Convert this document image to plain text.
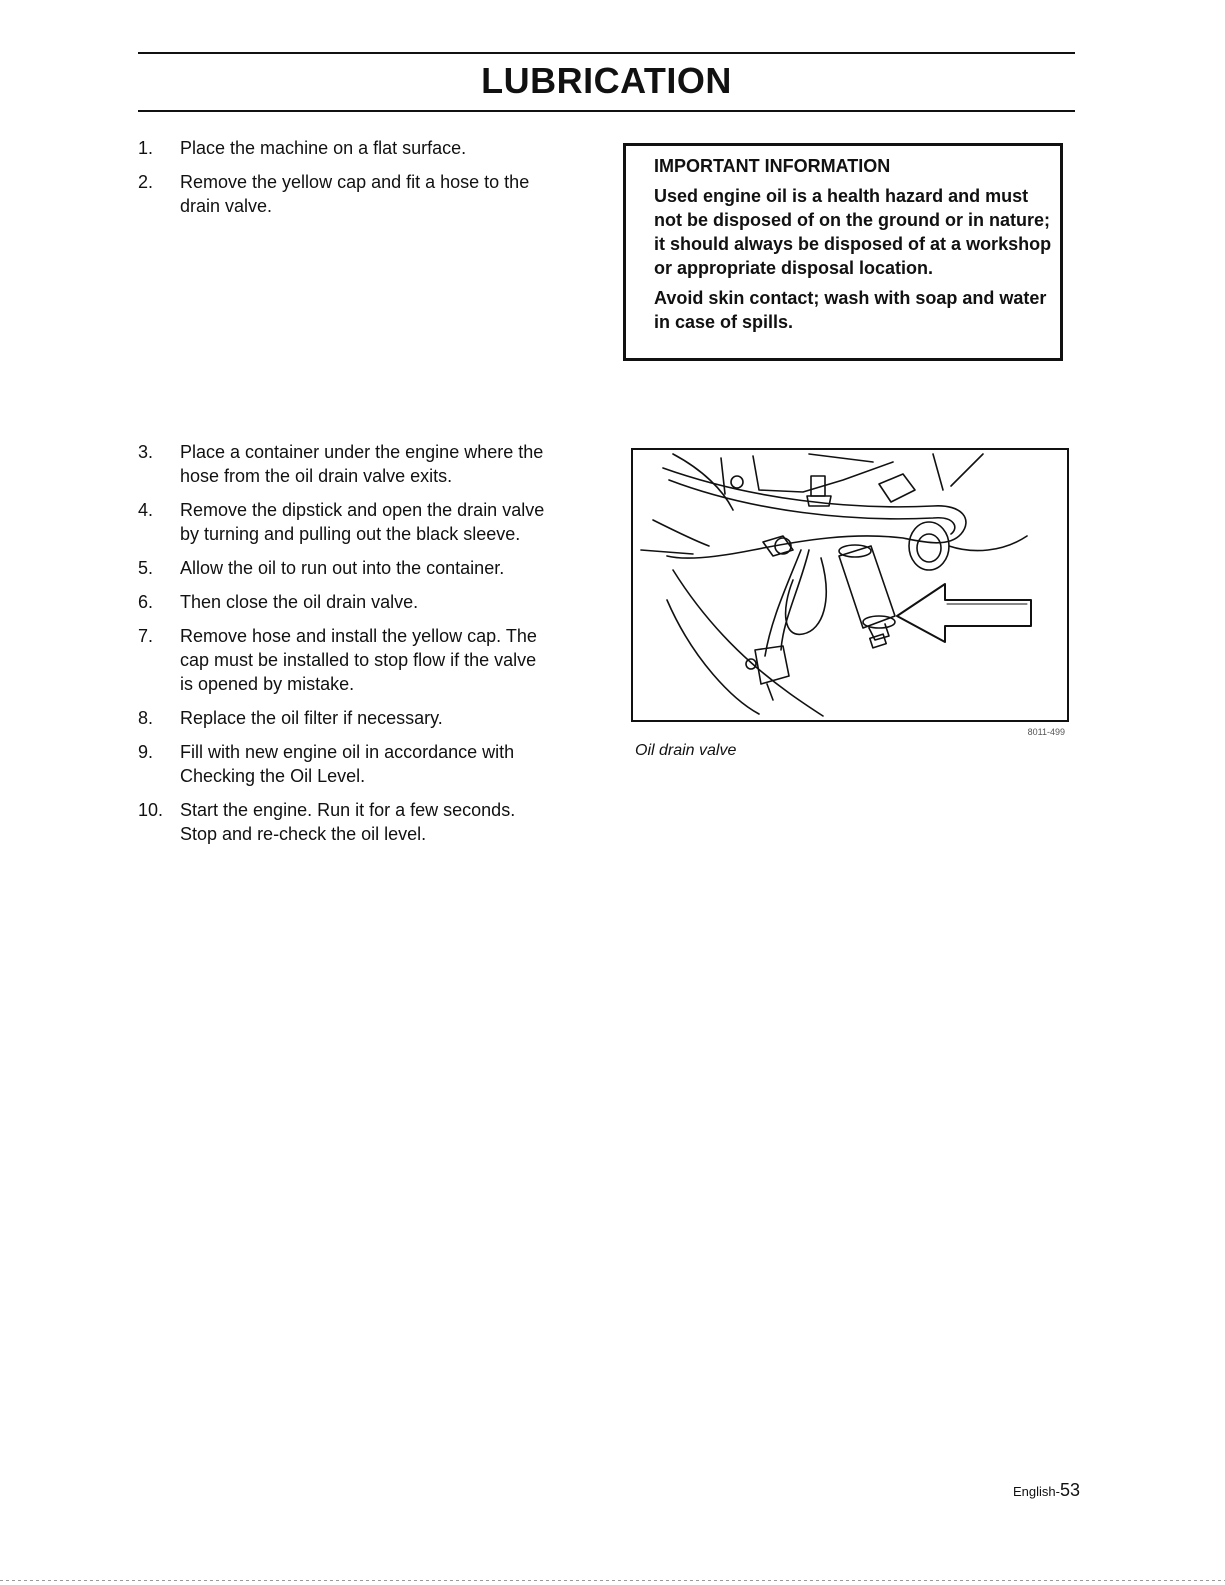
LUBRICATION
1.	Place the machine on a flat surface.
2.	Remove the yellow cap and fit a hose to the drain valve.
IMPORTANT INFORMATION

Used engine oil is a health hazard and must not be disposed of on the ground or in nature; it should always be disposed of at a workshop or appropriate disposal location.

Avoid skin contact; wash with soap and water in case of spills.

3.	Place a container under the engine where the hose from the oil drain valve exits.
4.	Remove the dipstick and open the drain valve by turning and pulling out the black sleeve.
5.	Allow the oil to run out into the container.
6.	Then close the oil drain valve.
7.	Remove hose and install the yellow cap. The cap must be installed to stop flow if the valve is opened by mistake.
8.	Replace the oil filter if necessary.
9.	Fill with new engine oil in accordance with Checking the Oil Level.
10. Start the engine. Run it for a few seconds. Stop and re-check the oil level.
8011-499
Oil drain valve
English-53
